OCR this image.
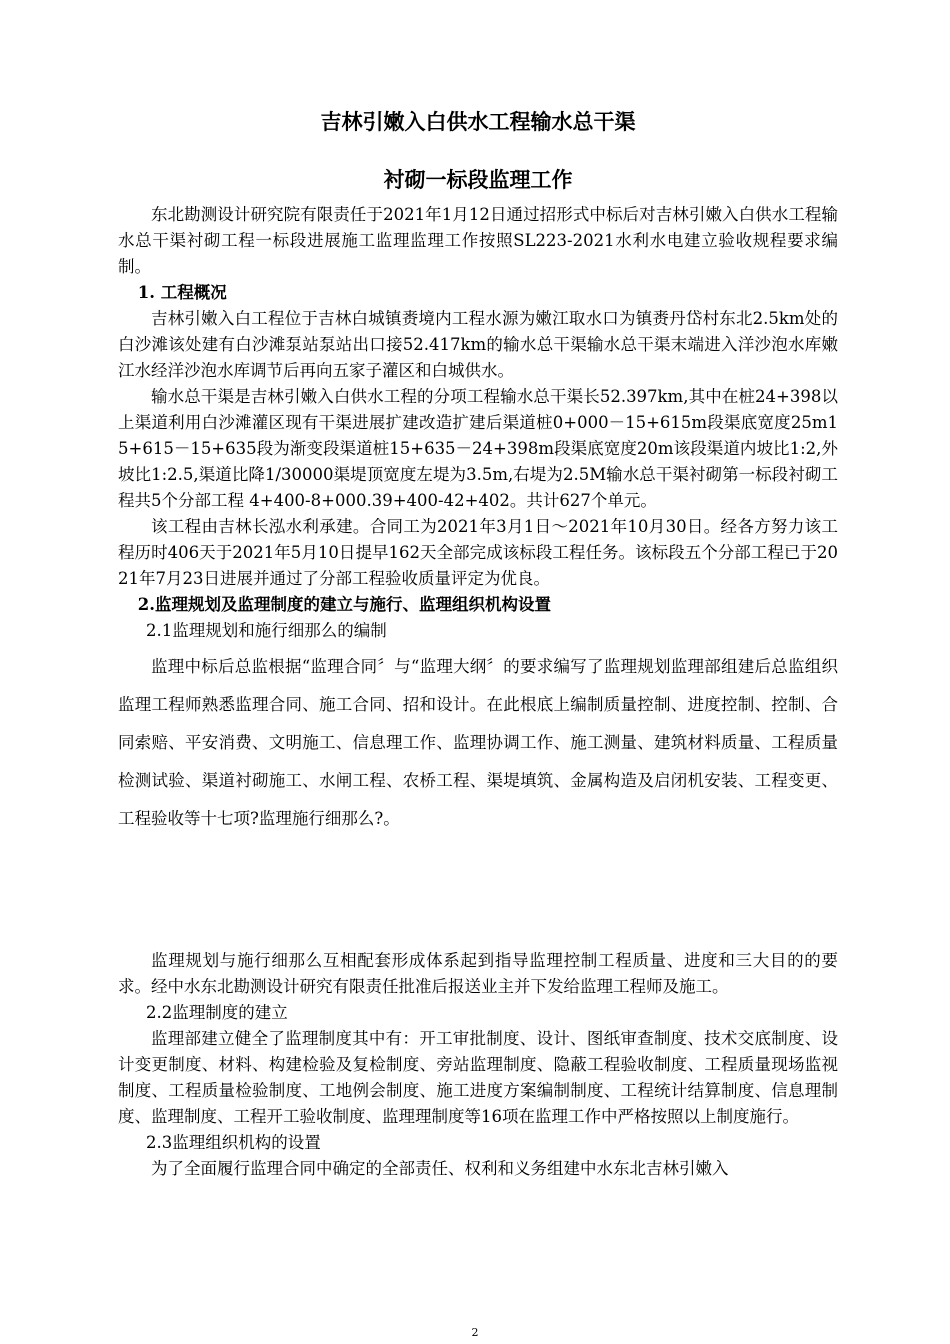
吉林引嫩入白供水工程输水总干渠
衬砌一标段监理工作

东北勘测设计研究院有限责任于2021年1月12日通过招形式中标后对吉林引嫩入白供水工程输水总干渠衬砌工程一标段进展施工监理监理工作按照SL223-2021水利水电建立验收规程要求编制。

1. 工程概况

吉林引嫩入白工程位于吉林白城镇赉境内工程水源为嫩江取水口为镇赉丹岱村东北2.5km处的白沙滩该处建有白沙滩泵站泵站出口接52.417km的输水总干渠输水总干渠末端进入洋沙泡水库嫩江水经洋沙泡水库调节后再向五家子灌区和白城供水。

输水总干渠是吉林引嫩入白供水工程的分项工程输水总干渠长52.397km,其中在桩24+398以上渠道利用白沙滩灌区现有干渠进展扩建改造扩建后渠道桩0+000－15+615m段渠底宽度25m15+615－15+635段为渐变段渠道桩15+635－24+398m段渠底宽度20m该段渠道内坡比1:2,外坡比1:2.5,渠道比降1/30000渠堤顶宽度左堤为3.5m,右堤为2.5M输水总干渠衬砌第一标段衬砌工程共5个分部工程 4+400-8+000.39+400-42+402。共计627个单元。

该工程由吉林长泓水利承建。合同工为2021年3月1日～2021年10月30日。经各方努力该工程历时406天于2021年5月10日提早162天全部完成该标段工程任务。该标段五个分部工程已于2021年7月23日进展并通过了分部工程验收质量评定为优良。

2.监理规划及监理制度的建立与施行、监理组织机构设置

2.1监理规划和施行细那么的编制

监理中标后总监根据“监理合同〞与“监理大纲〞的要求编写了监理规划监理部组建后总监组织监理工程师熟悉监理合同、施工合同、招和设计。在此根底上编制质量控制、进度控制、控制、合同索赔、平安消费、文明施工、信息理工作、监理协调工作、施工测量、建筑材料质量、工程质量检测试验、渠道衬砌施工、水闸工程、农桥工程、渠堤填筑、金属构造及启闭机安装、工程变更、工程验收等十七项?监理施行细那么?。

监理规划与施行细那么互相配套形成体系起到指导监理控制工程质量、进度和三大目的的要求。经中水东北勘测设计研究有限责任批准后报送业主并下发给监理工程师及施工。

2.2监理制度的建立

监理部建立健全了监理制度其中有：开工审批制度、设计、图纸审查制度、技术交底制度、设计变更制度、材料、构建检验及复检制度、旁站监理制度、隐蔽工程验收制度、工程质量现场监视制度、工程质量检验制度、工地例会制度、施工进度方案编制制度、工程统计结算制度、信息理制度、监理制度、工程开工验收制度、监理理制度等16项在监理工作中严格按照以上制度施行。

2.3监理组织机构的设置

为了全面履行监理合同中确定的全部责任、权利和义务组建中水东北吉林引嫩入

2
